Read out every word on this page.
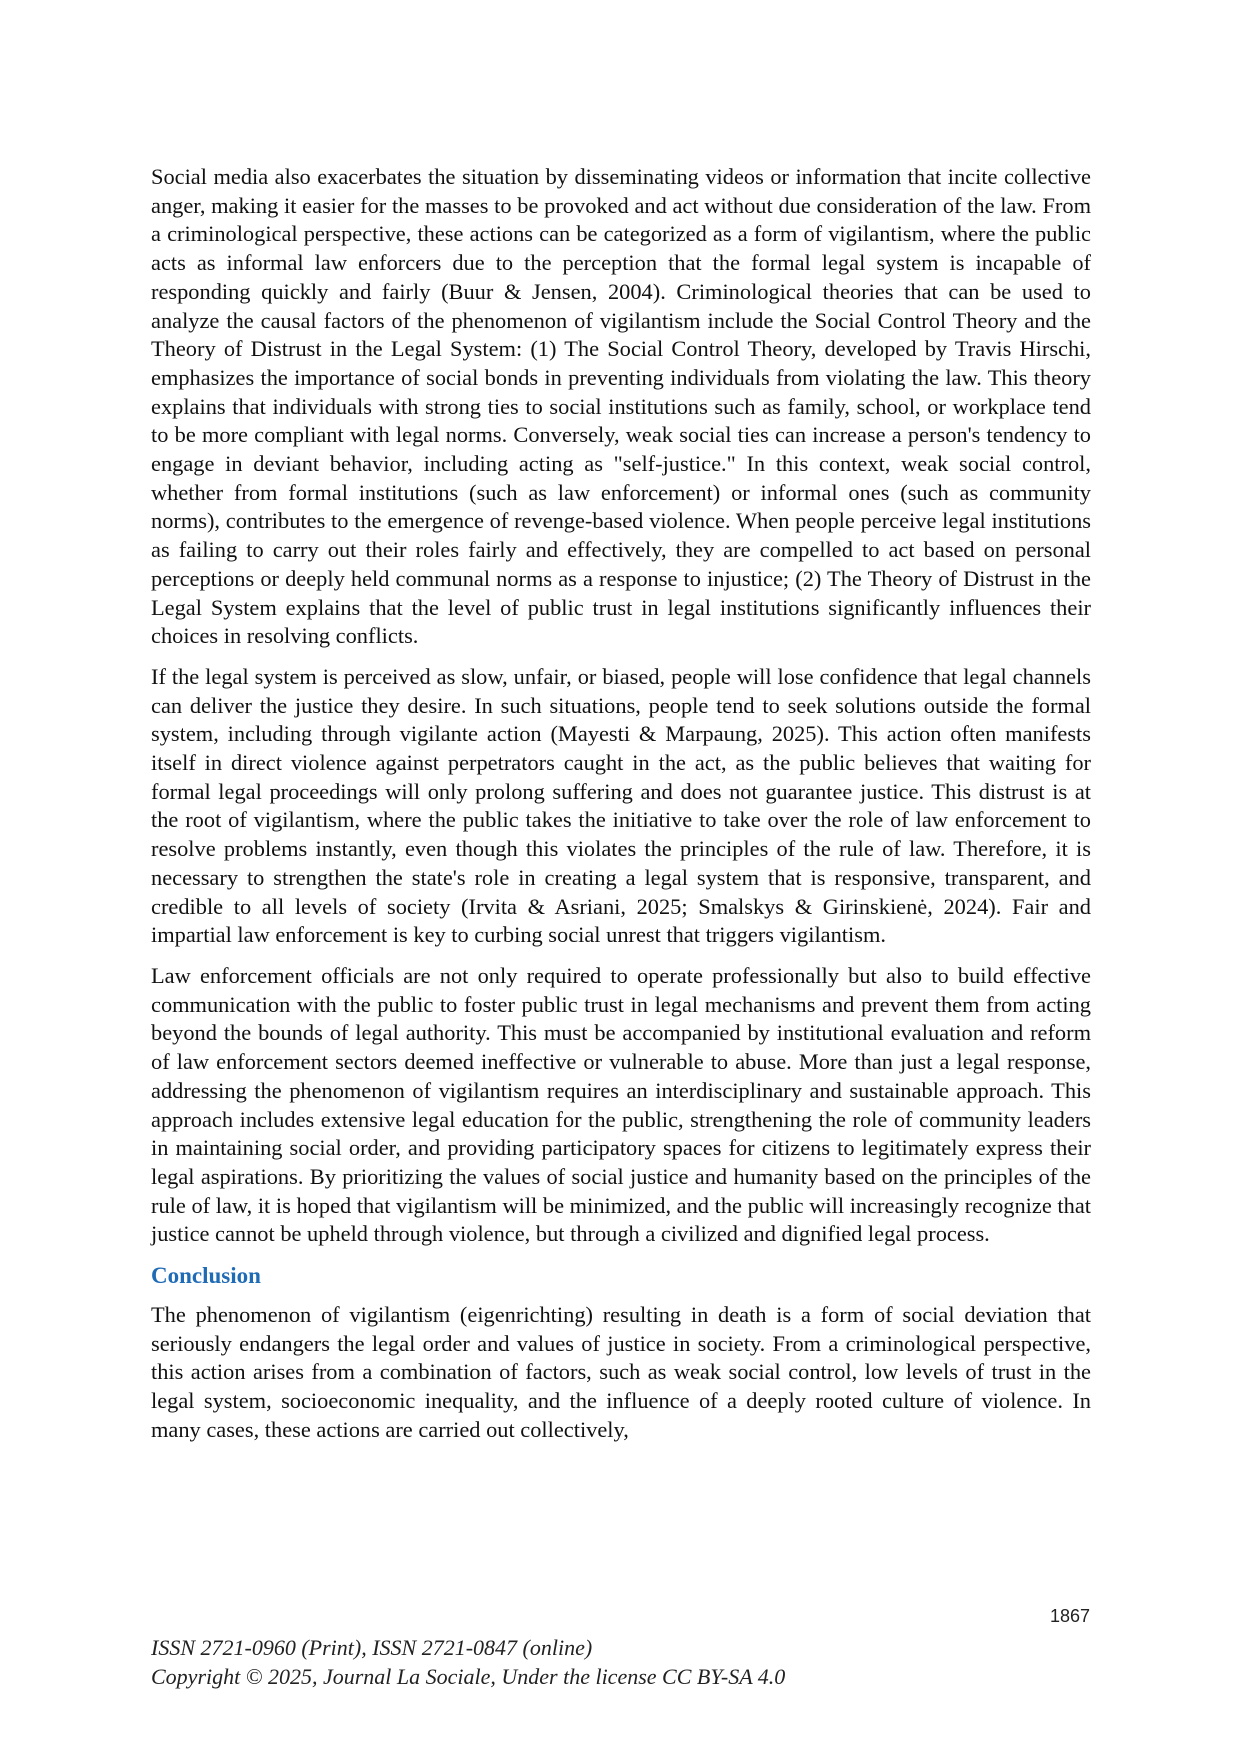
Social media also exacerbates the situation by disseminating videos or information that incite collective anger, making it easier for the masses to be provoked and act without due consideration of the law. From a criminological perspective, these actions can be categorized as a form of vigilantism, where the public acts as informal law enforcers due to the perception that the formal legal system is incapable of responding quickly and fairly (Buur & Jensen, 2004). Criminological theories that can be used to analyze the causal factors of the phenomenon of vigilantism include the Social Control Theory and the Theory of Distrust in the Legal System: (1) The Social Control Theory, developed by Travis Hirschi, emphasizes the importance of social bonds in preventing individuals from violating the law. This theory explains that individuals with strong ties to social institutions such as family, school, or workplace tend to be more compliant with legal norms. Conversely, weak social ties can increase a person's tendency to engage in deviant behavior, including acting as "self-justice." In this context, weak social control, whether from formal institutions (such as law enforcement) or informal ones (such as community norms), contributes to the emergence of revenge-based violence. When people perceive legal institutions as failing to carry out their roles fairly and effectively, they are compelled to act based on personal perceptions or deeply held communal norms as a response to injustice; (2) The Theory of Distrust in the Legal System explains that the level of public trust in legal institutions significantly influences their choices in resolving conflicts.

If the legal system is perceived as slow, unfair, or biased, people will lose confidence that legal channels can deliver the justice they desire. In such situations, people tend to seek solutions outside the formal system, including through vigilante action (Mayesti & Marpaung, 2025). This action often manifests itself in direct violence against perpetrators caught in the act, as the public believes that waiting for formal legal proceedings will only prolong suffering and does not guarantee justice. This distrust is at the root of vigilantism, where the public takes the initiative to take over the role of law enforcement to resolve problems instantly, even though this violates the principles of the rule of law. Therefore, it is necessary to strengthen the state's role in creating a legal system that is responsive, transparent, and credible to all levels of society (Irvita & Asriani, 2025; Smalskys & Girinskienė, 2024). Fair and impartial law enforcement is key to curbing social unrest that triggers vigilantism.

Law enforcement officials are not only required to operate professionally but also to build effective communication with the public to foster public trust in legal mechanisms and prevent them from acting beyond the bounds of legal authority. This must be accompanied by institutional evaluation and reform of law enforcement sectors deemed ineffective or vulnerable to abuse. More than just a legal response, addressing the phenomenon of vigilantism requires an interdisciplinary and sustainable approach. This approach includes extensive legal education for the public, strengthening the role of community leaders in maintaining social order, and providing participatory spaces for citizens to legitimately express their legal aspirations. By prioritizing the values of social justice and humanity based on the principles of the rule of law, it is hoped that vigilantism will be minimized, and the public will increasingly recognize that justice cannot be upheld through violence, but through a civilized and dignified legal process.

Conclusion

The phenomenon of vigilantism (eigenrichting) resulting in death is a form of social deviation that seriously endangers the legal order and values of justice in society. From a criminological perspective, this action arises from a combination of factors, such as weak social control, low levels of trust in the legal system, socioeconomic inequality, and the influence of a deeply rooted culture of violence. In many cases, these actions are carried out collectively,

1867
ISSN 2721-0960 (Print), ISSN 2721-0847 (online)
Copyright © 2025, Journal La Sociale, Under the license CC BY-SA 4.0
